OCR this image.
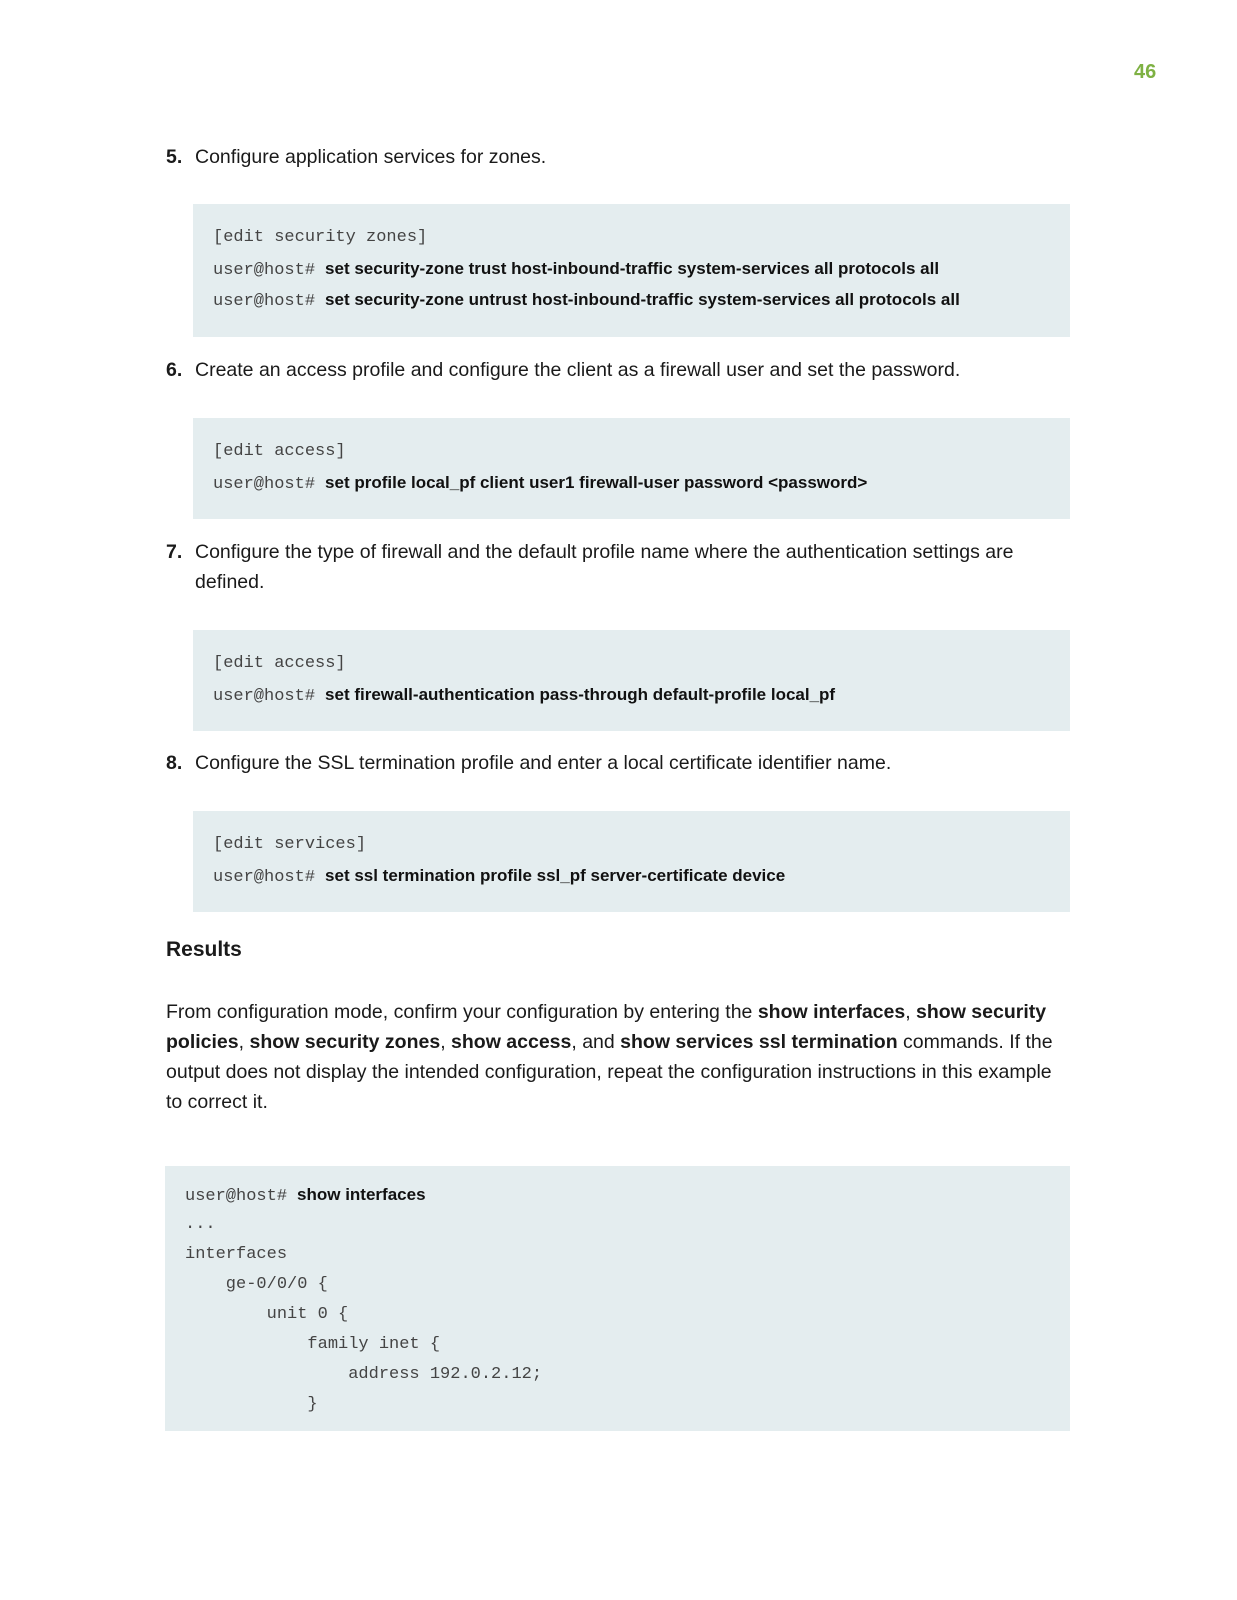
46
5. Configure application services for zones.
[edit security zones]
user@host# set security-zone trust host-inbound-traffic system-services all protocols all
user@host# set security-zone untrust host-inbound-traffic system-services all protocols all
6. Create an access profile and configure the client as a firewall user and set the password.
[edit access]
user@host# set profile local_pf client user1 firewall-user password <password>
7. Configure the type of firewall and the default profile name where the authentication settings are defined.
[edit access]
user@host# set firewall-authentication pass-through default-profile local_pf
8. Configure the SSL termination profile and enter a local certificate identifier name.
[edit services]
user@host# set ssl termination profile ssl_pf server-certificate device
Results
From configuration mode, confirm your configuration by entering the show interfaces, show security policies, show security zones, show access, and show services ssl termination commands. If the output does not display the intended configuration, repeat the configuration instructions in this example to correct it.
user@host# show interfaces
...
interfaces
ge-0/0/0 {
unit 0 {
family inet {
address 192.0.2.12;
}
